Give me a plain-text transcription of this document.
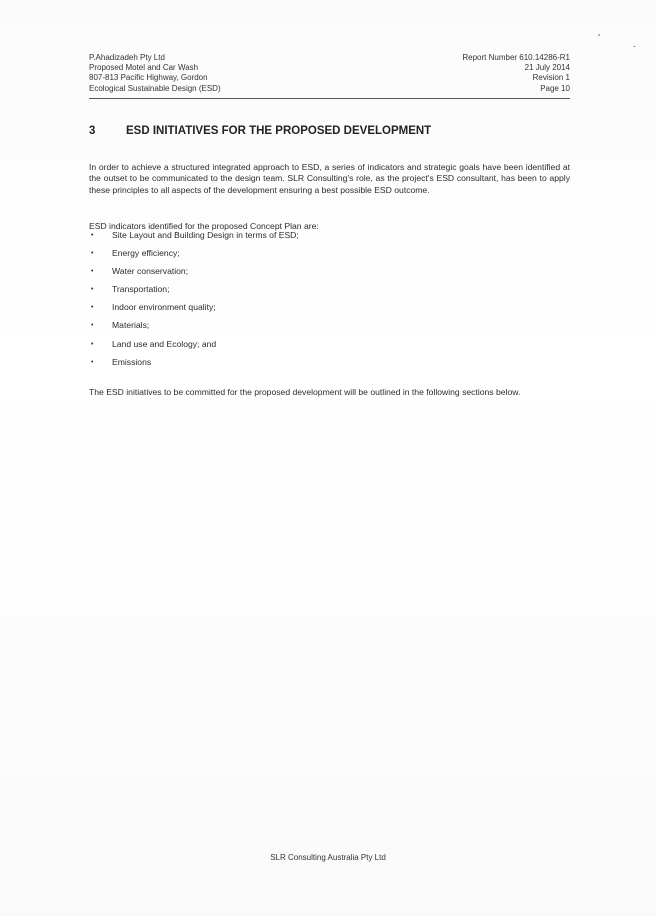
P.Ahadizadeh Pty Ltd
Proposed Motel and Car Wash
807-813 Pacific Highway, Gordon
Ecological Sustainable Design (ESD)
Report Number 610.14286-R1
21 July 2014
Revision 1
Page 10
3	ESD INITIATIVES FOR THE PROPOSED DEVELOPMENT

In order to achieve a structured integrated approach to ESD, a series of indicators and strategic goals have been identified at the outset to be communicated to the design team. SLR Consulting's role, as the project's ESD consultant, has been to apply these principles to all aspects of the development ensuring a best possible ESD outcome.

ESD indicators identified for the proposed Concept Plan are:

• Site Layout and Building Design in terms of ESD;
• Energy efficiency;
• Water conservation;
• Transportation;
• Indoor environment quality;
• Materials;
• Land use and Ecology; and
• Emissions

The ESD initiatives to be committed for the proposed development will be outlined in the following sections below.

SLR Consulting Australia Pty Ltd
